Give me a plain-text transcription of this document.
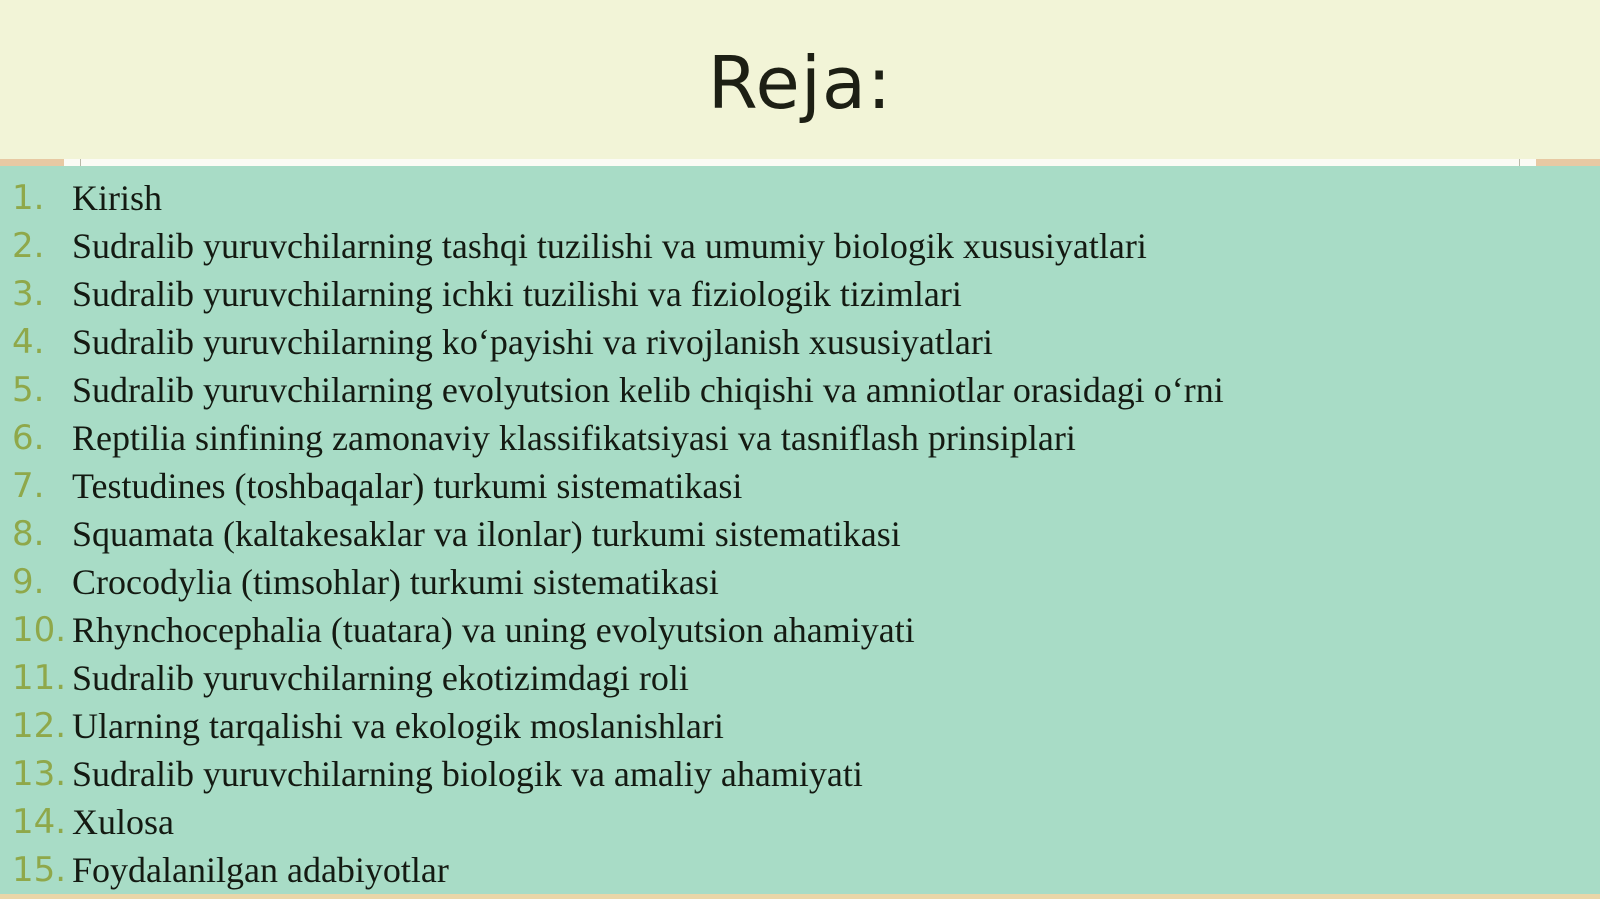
Reja:
1. Kirish
2. Sudralib yuruvchilarning tashqi tuzilishi va umumiy biologik xususiyatlari
3. Sudralib yuruvchilarning ichki tuzilishi va fiziologik tizimlari
4. Sudralib yuruvchilarning ko‘payishi va rivojlanish xususiyatlari
5. Sudralib yuruvchilarning evolyutsion kelib chiqishi va amniotlar orasidagi o‘rni
6. Reptilia sinfining zamonaviy klassifikatsiyasi va tasniflash prinsiplari
7. Testudines (toshbaqalar) turkumi sistematikasi
8. Squamata (kaltakesaklar va ilonlar) turkumi sistematikasi
9. Crocodylia (timsohlar) turkumi sistematikasi
10. Rhynchocephalia (tuatara) va uning evolyutsion ahamiyati
11. Sudralib yuruvchilarning ekotizimdagi roli
12. Ularning tarqalishi va ekologik moslanishlari
13. Sudralib yuruvchilarning biologik va amaliy ahamiyati
14. Xulosa
15. Foydalanilgan adabiyotlar
